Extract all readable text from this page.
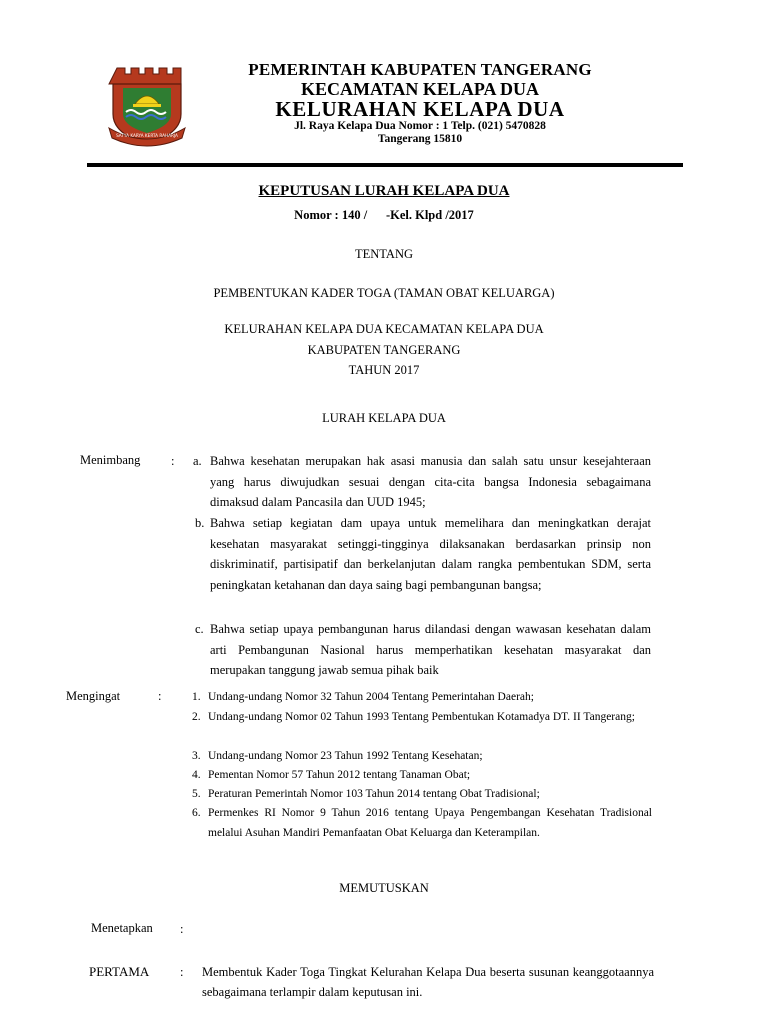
SATYA KARYA KERTA RAHARJA
PEMERINTAH KABUPATEN TANGERANG
KECAMATAN KELAPA DUA
KELURAHAN KELAPA DUA
Jl. Raya Kelapa Dua Nomor : 1 Telp. (021) 5470828
Tangerang 15810
KEPUTUSAN LURAH KELAPA DUA
Nomor : 140 /      -Kel. Klpd /2017
TENTANG
PEMBENTUKAN KADER TOGA (TAMAN OBAT KELUARGA)
KELURAHAN KELAPA DUA KECAMATAN KELAPA DUA
KABUPATEN TANGERANG
TAHUN 2017
LURAH KELAPA DUA
Menimbang : a. Bahwa kesehatan merupakan hak asasi manusia dan salah satu unsur kesejahteraan yang harus diwujudkan sesuai dengan cita-cita bangsa Indonesia sebagaimana dimaksud dalam Pancasila dan UUD 1945;
b. Bahwa setiap kegiatan dam upaya untuk memelihara dan meningkatkan derajat kesehatan masyarakat setinggi-tingginya dilaksanakan berdasarkan prinsip non diskriminatif, partisipatif dan berkelanjutan dalam rangka pembentukan SDM, serta peningkatan ketahanan dan daya saing bagi pembangunan bangsa;
c. Bahwa setiap upaya pembangunan harus dilandasi dengan wawasan kesehatan dalam arti Pembangunan Nasional harus memperhatikan kesehatan masyarakat dan merupakan tanggung jawab semua pihak baik
Mengingat	:	1. Undang-undang Nomor 32 Tahun 2004 Tentang Pemerintahan Daerah;
2. Undang-undang Nomor 02 Tahun 1993 Tentang Pembentukan Kotamadya DT. II Tangerang;
3. Undang-undang Nomor 23 Tahun 1992 Tentang Kesehatan;
4. Pementan Nomor 57 Tahun 2012 tentang Tanaman Obat;
5. Peraturan Pemerintah Nomor 103 Tahun 2014 tentang Obat Tradisional;
6. Permenkes RI Nomor 9 Tahun 2016 tentang Upaya Pengembangan Kesehatan Tradisional melalui Asuhan Mandiri Pemanfaatan Obat Keluarga dan Keterampilan.
MEMUTUSKAN
Menetapkan :
PERTAMA : Membentuk Kader Toga Tingkat Kelurahan Kelapa Dua beserta susunan keanggotaannya sebagaimana terlampir dalam keputusan ini.
